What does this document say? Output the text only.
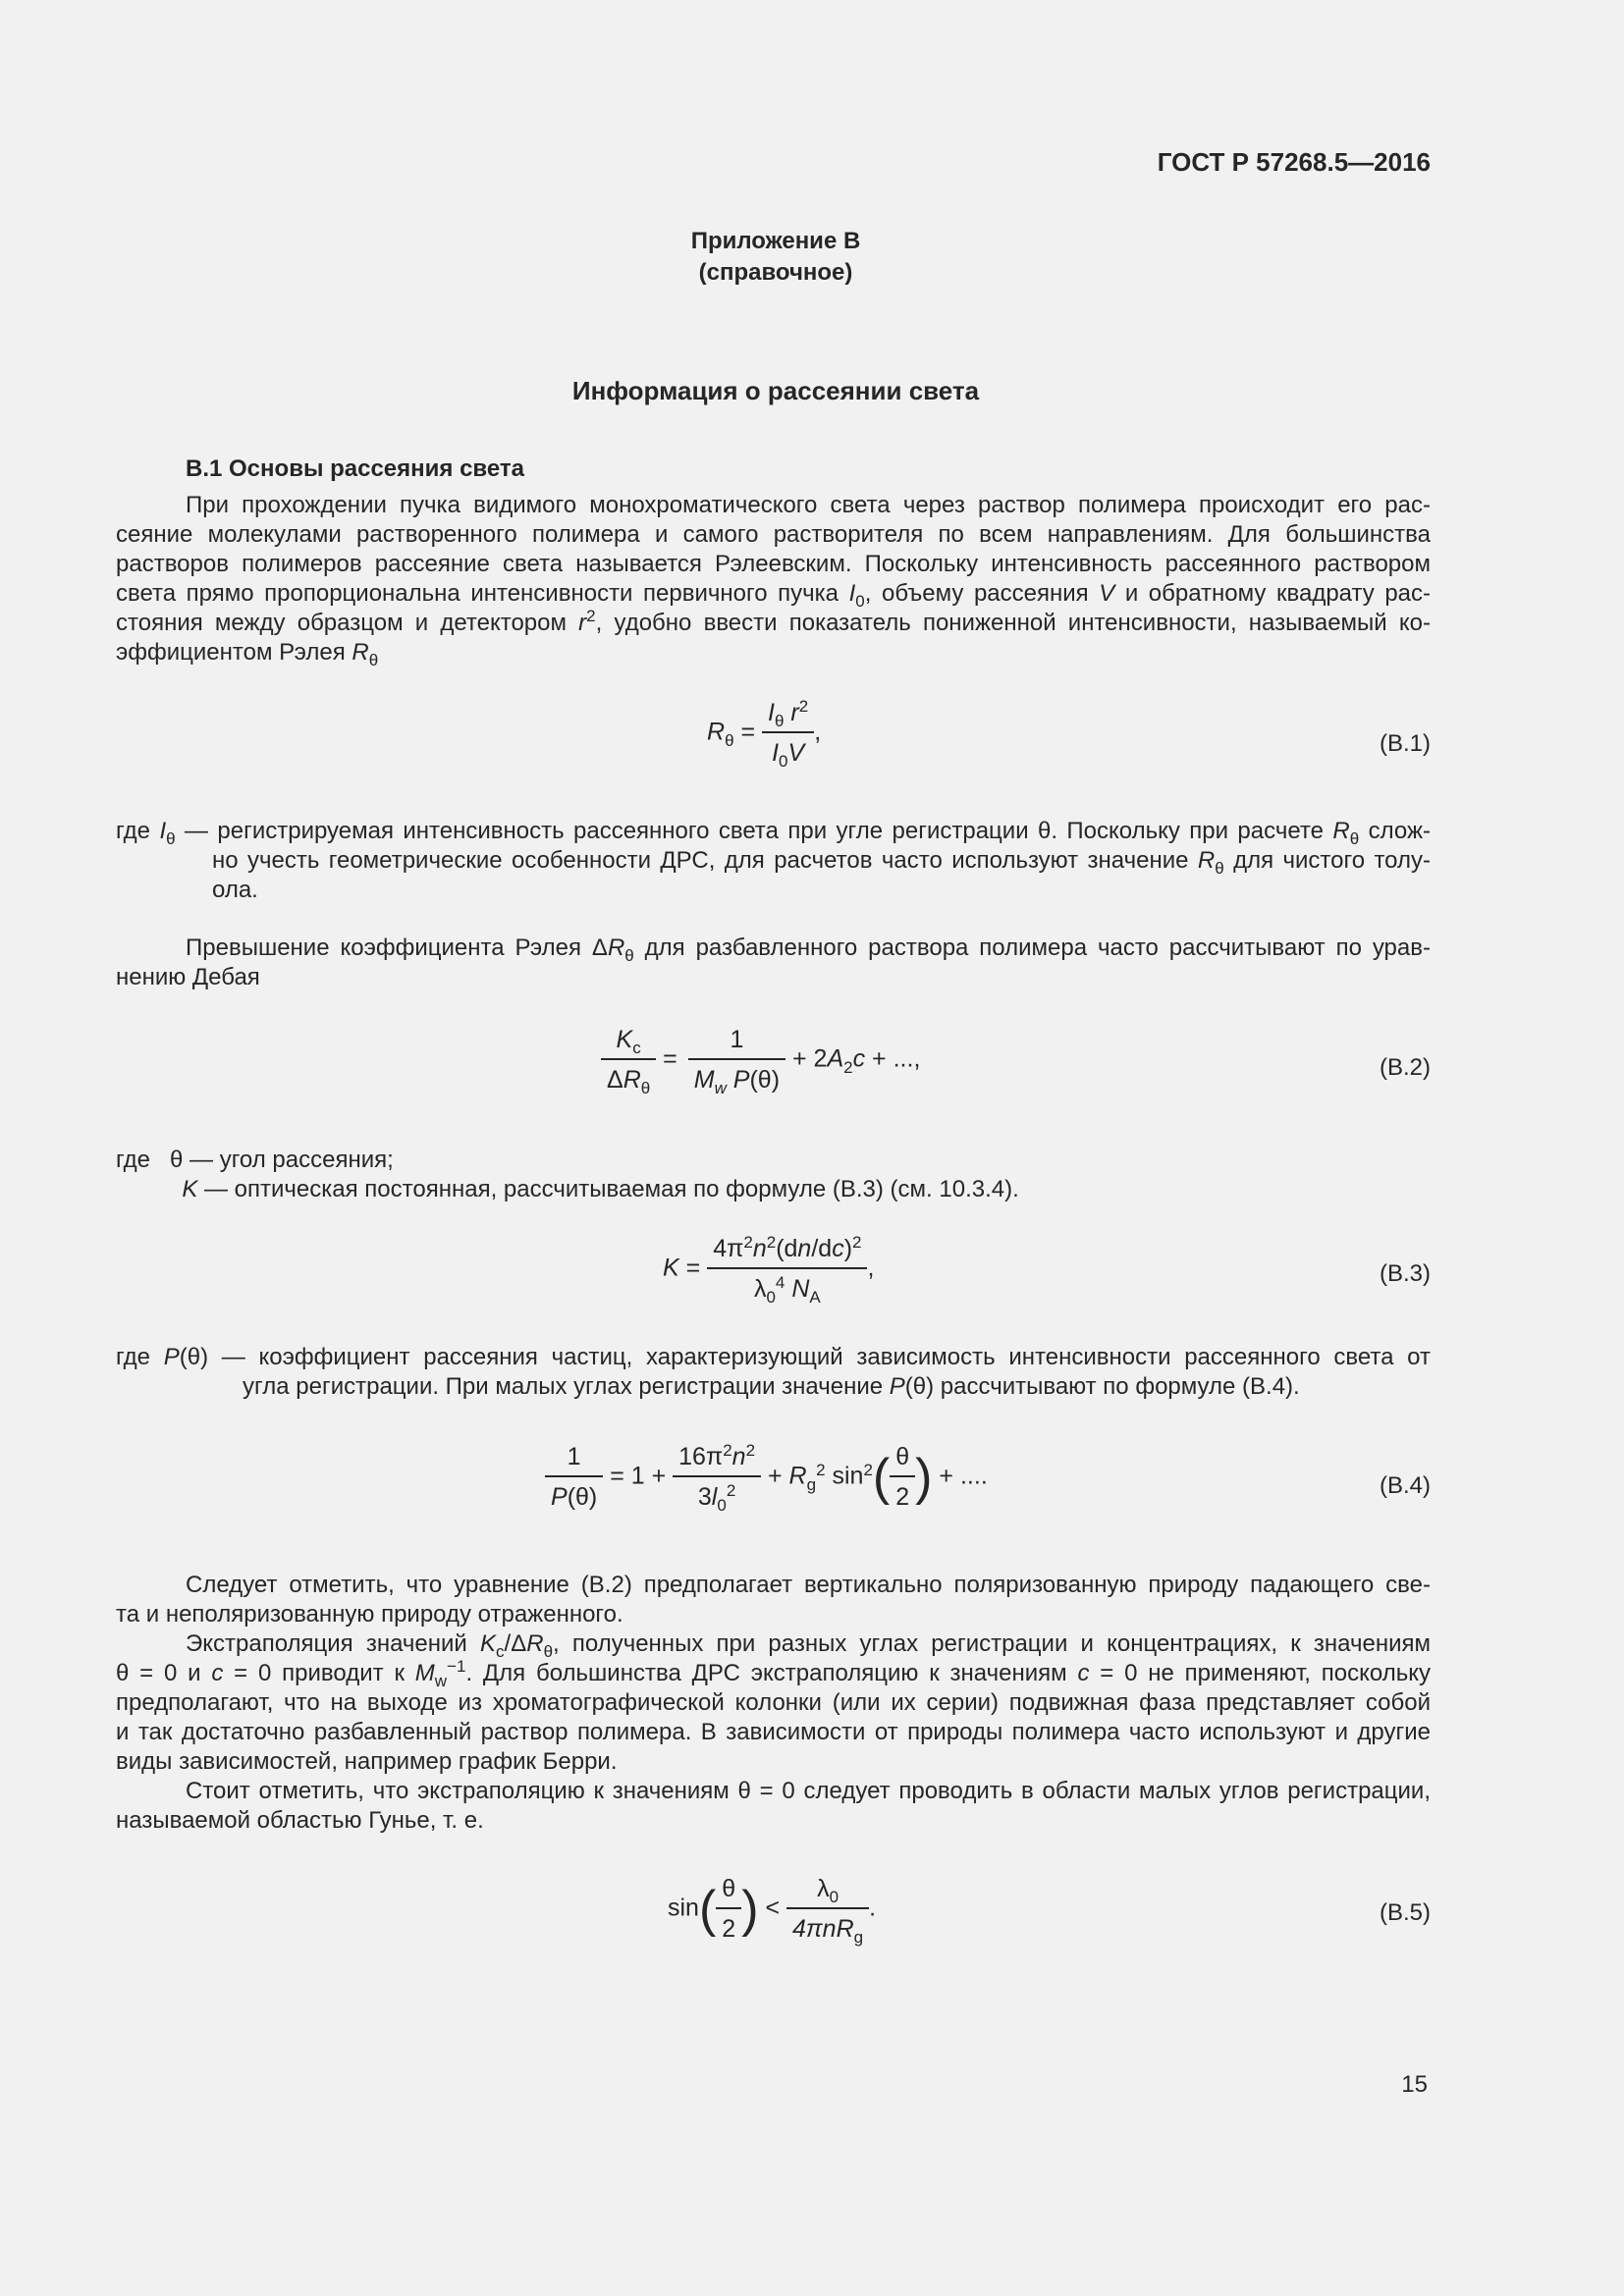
ГОСТ Р 57268.5—2016
Приложение В
(справочное)
Информация о рассеянии света
В.1 Основы рассеяния света
При прохождении пучка видимого монохроматического света через раствор полимера происходит его рас-
сеяние молекулами растворенного полимера и самого растворителя по всем направлениям. Для большинства
растворов полимеров рассеяние света называется Рэлеевским. Поскольку интенсивность рассеянного раствором
света прямо пропорциональна интенсивности первичного пучка $I_0$, объему рассеяния V и обратному квадрату рас-
стояния между образцом и детектором $r^2$, удобно ввести показатель пониженной интенсивности, называемый ко-
эффициентом Рэлея $R_\theta$
$R_\theta = \frac{I_\theta r^2}{I_0V}$ ,	(В.1)
где $I_\theta$ — регистрируемая интенсивность рассеянного света при угле регистрации θ. Поскольку при расчете $R_\theta$ слож-
но учесть геометрические особенности ДРС, для расчетов часто используют значение $R_\theta$ для чистого толу-
ола.
Превышение коэффициента Рэлея $\Delta R_\theta$ для разбавленного раствора полимера часто рассчитывают по урав-
нению Дебая
$\frac{K_c}{\Delta R_\theta} = \frac{1}{M_w P(\theta)} + 2A_2c$ + ...,	(В.2)
где θ — угол рассеяния;
K — оптическая постоянная, рассчитываемая по формуле (В.3) (см. 10.3.4).
$K = \frac{4\pi^2n^2(dn/dc)^2}{\lambda_0^4 N_A}$ ,	(В.3)
где P(θ) — коэффициент рассеяния частиц, характеризующий зависимость интенсивности рассеянного света от
угла регистрации. При малых углах регистрации значение P(θ) рассчитывают по формуле (В.4).
$\frac{1}{P(\theta)} = 1 + \frac{16\pi^2n^2}{3l_0^2} + R_g^2$ $\sin^2( \frac{\theta}{2}$ ) + ....	(В.4)
Следует отметить, что уравнение (В.2) предполагает вертикально поляризованную природу падающего све-
та и неполяризованную природу отраженного.
Экстраполяция значений $K_c/\Delta R_\theta$, полученных при разных углах регистрации и концентрациях, к значениям
θ = 0 и c = 0 приводит к $M_w^{-1}$. Для большинства ДРС экстраполяцию к значениям c = 0 не применяют, поскольку
предполагают, что на выходе из хроматографической колонки (или их серии) подвижная фаза представляет собой
и так достаточно разбавленный раствор полимера. В зависимости от природы полимера часто используют и другие
виды зависимостей, например график Берри.
Стоит отметить, что экстраполяцию к значениям θ = 0 следует проводить в области малых углов регистрации,
называемой областью Гунье, т. е.
$\sin( \frac{\theta}{2}$ ) < $\frac{\lambda_0}{4\pi nR_g}$ .	(В.5)
15
